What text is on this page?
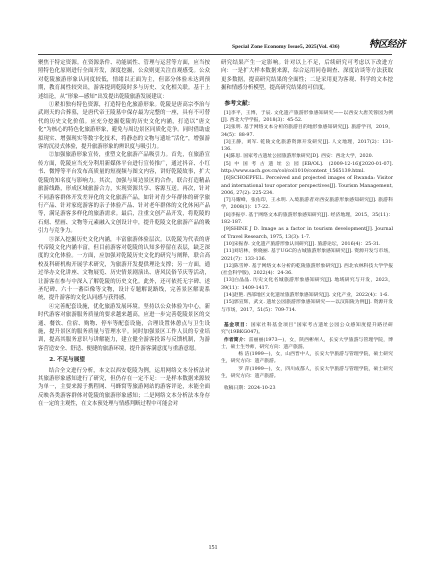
Special Zone Economy Issue5, 2025(Vol. 436)	特区经济

聚焦于特定资源。在资源条件、功能属性、管理与运营等方面，应当按照特色化原则进行全面开发，深度挖掘，公众则更关注直观感受。公众对乾陵旅游形象认同度较低，情绪以正面为主，但部分体验未达到预期，教育属性较突出，游客提到乾陵时多与历史、文化相关联。基于上述结论，从“形象—感知”出发提出乾陵旅游发展建议：

①紧扣独有特色资源，打造特色化旅游形象。乾陵是唐高宗李治与武则天的合葬墓，是唐代帝王陵墓中保存最为完整的一座，具有不可替代的历史文化价值。应充分挖掘乾陵的历史文化内涵，打造以“唐文化”为核心的特色化旅游形象，避免与周边景区同质化竞争。同时借助虚拟现实、增强现实等数字化技术，将静态的文物与遗址“活化”，增强游客的沉浸式体验，提升旅游形象的辨识度与吸引力。

②加强旅游形象宣传，重塑文化旅游产品吸引力。首先，在旅游宣传方面，乾陵应当充分利用新媒体平台进行宣传推广，通过抖音、小红书、微博等平台发布高质量的短视频与图文内容，讲好乾陵故事，扩大乾陵的知名度与影响力。其次，加强与周边景区的合作，联合打造精品旅游线路，形成区域旅游合力，实现资源共享、客源互送。再次，针对不同游客群体开发差异化的文化旅游产品，如针对青少年群体的研学旅行产品、针对家庭游客的亲子体验产品、针对老年群体的文化休闲产品等，满足游客多样化的旅游需求。最后，注重文创产品开发，将乾陵的石刻、壁画、文物等元素融入文创设计中，提升乾陵文化旅游产品的吸引力与竞争力。

③深入挖掘历史文化内涵，丰富旅游体验层次。以乾陵为代表的唐代帝陵文化内涵丰富，但目前游客对乾陵的认知多停留在表层，缺乏深度的文化体验。一方面，应加强对乾陵历史文化的研究与阐释，联合高校及科研机构开展学术研究，为旅游开发提供理论支撑；另一方面，通过举办文化讲座、文物展览、历史情景剧演出、唐风民俗节庆等活动，让游客在参与中深入了解乾陵的历史文化。此外，还可依托无字碑、述圣纪碑、六十一蕃臣像等文物，设计专题解说路线，完善景区解说系统，提升游客的文化认同感与获得感。

④完善配套设施，优化旅游发展环境。坚持以公众体验为中心，新时代游客对旅游服务质量的要求越来越高，应进一步完善乾陵景区的交通、餐饮、住宿、购物、停车等配套设施，合理设置休憩点与卫生设施，提升景区的服务质量与管理水平。同时加强景区工作人员的专业培训，提高其服务意识与讲解能力，建立健全游客投诉与反馈机制，为游客营造安全、舒适、便捷的旅游环境，提升游客满意度与重游意愿。

2. 不足与展望

结合全文进行分析，本文以西安乾陵为例，运用网络文本分析法对其旅游形象感知进行了研究，但仍存在一定不足：一是样本数据来源较为单一，主要来源于携程网、马蜂窝等旅游网站的游客评论，未能全面反映各类游客群体对乾陵的旅游形象感知；二是网络文本分析法本身存在一定的主观性，在文本预处理与情感判断过程中可能会对

研究结果产生一定影响。针对以上不足，后续研究可考虑以下改进方向：一是扩大样本数据来源，综合运用问卷调查、深度访谈等方法获取更多数据，提高研究结果的全面性；二是采用更为客观、科学的文本挖掘和情感分析模型，提高研究结果的可信度。

参考文献：
[1]李平，王博，于辰. 文化遗产旅游形象感知研究——以西安大唐芙蓉园为例[J]. 西北大学学报，2018(3)：45-52.
[2]张明. 基于网络文本分析的旅游目的地形象感知研究[J]. 旅游学刊，2019，34(5)：88-97.
[3]王静，刘军. 乾陵文化旅游资源开发研究[J]. 人文地理，2017(2)：131-136.
[4]陈思. 国家考古遗址公园旅游形象研究[D]. 西安：西北大学，2020.
[5]中国考古遗址公园[EB/OL]. (2009-12-16)[2020-01-07]. http://www.sach.gov.cn/col/col1010/content_1565139.html.
[6]SCHOEPFEL. Perceived and projected images of Rwanda: Visitor and international tour operator perspectives[J]. Tourism Management, 2006, 27(2): 225-234.
[7]马耀峰，张佑印，王永明. 入境旅游者对西安旅游形象感知研究[J]. 旅游科学，2008(1)：17-22.
[8]李振亭. 基于网络文本的旅游形象感知研究[J]. 经济地理，2015，35(11)：182-187.
[9]SHINE J D. Image as a factor in tourism development[J]. Journal of Travel Research, 1975, 13(3): 1-7.
[10]宋振春. 文化遗产旅游形象认同研究[J]. 旅游论坛，2016(4)：25-31.
[11]刘培林，侯晓丽. 基于UGC的古城旅游形象感知研究[J]. 资源开发与市场，2021(7)：133-136.
[12]陈雪婷. 基于网络文本分析的乾陵旅游形象研究[J]. 西北农林科技大学学报(社会科学版)，2022(4)：24-36.
[13]白晶晶. 历史文化名城旅游形象感知研究[J]. 地域研究与开发，2023，39(11)：1409-1417.
[14]赵艳. 西部地区文化遗址旅游形象感知研究[J]. 文化产业，2022(4)：1-6.
[15]郭宣辉，武文. 遗址公园旅游形象感知研究——以汉阳陵为例[J]. 资源开发与市场，2017，51(5)：709-714.
基金项目：国家社科基金项目“国家考古遗址公园公众感知度提升路径研究”(19BKG047)。
作者简介：雷丽丽(1973—)，女，陕西彬州人，长安大学旅游与管理学院，博士，硕士生导师，研究方向：遗产旅游。
杨 洁(1999—)，女，山西晋中人，长安大学旅游与管理学院，硕士研究生，研究方向：遗产旅游。
罗 萍(1999—)，女，四川成都人，长安大学旅游与管理学院，硕士研究生，研究方向：遗产旅游。
收稿日期：2024-10-23
151
